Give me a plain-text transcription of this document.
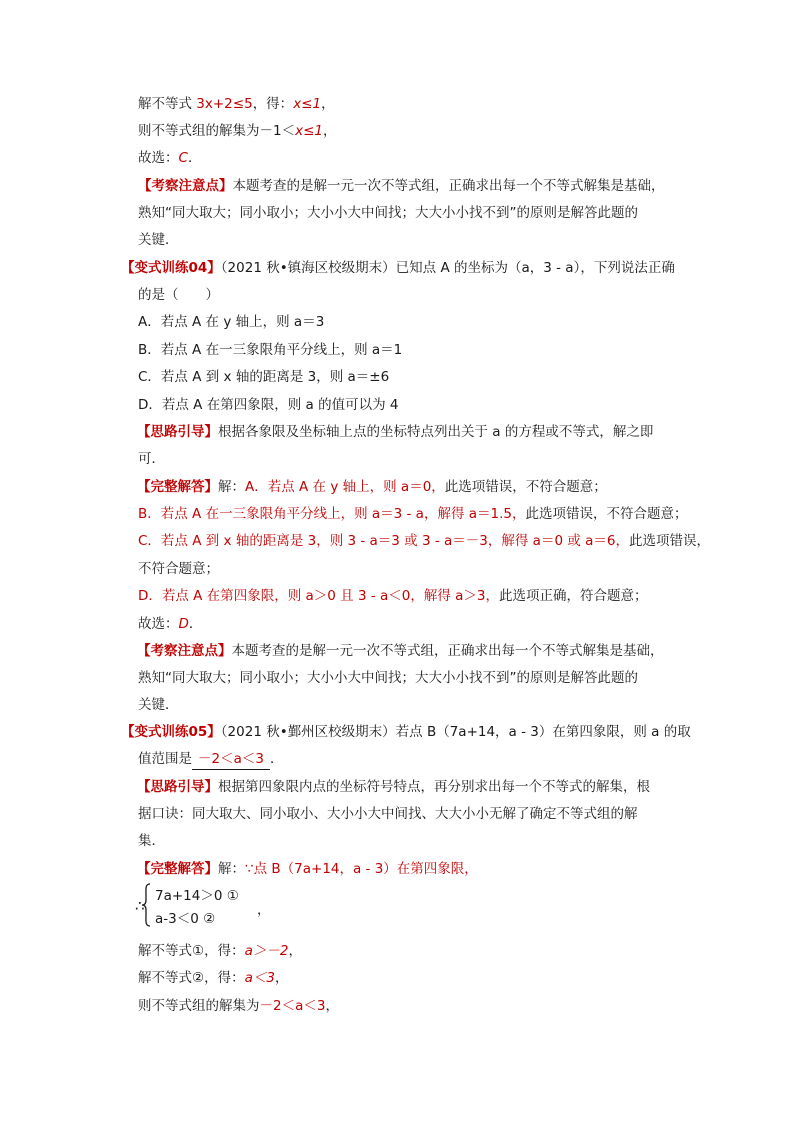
解不等式 3x+2≤5，得：x≤1，
则不等式组的解集为－1＜x≤1，
故选：C．
【考察注意点】本题考查的是解一元一次不等式组，正确求出每一个不等式解集是基础，
熟知“同大取大；同小取小；大小小大中间找；大大小小找不到”的原则是解答此题的
关键．
【变式训练04】（2021 秋•镇海区校级期末）已知点 A 的坐标为（a，3 - a），下列说法正确
的是（　　）
A．若点 A 在 y 轴上，则 a＝3
B．若点 A 在一三象限角平分线上，则 a＝1
C．若点 A 到 x 轴的距离是 3，则 a＝±6
D．若点 A 在第四象限，则 a 的值可以为 4
【思路引导】根据各象限及坐标轴上点的坐标特点列出关于 a 的方程或不等式，解之即
可．
【完整解答】解：A．若点 A 在 y 轴上，则 a＝0，此选项错误，不符合题意；
B．若点 A 在一三象限角平分线上，则 a＝3 - a，解得 a＝1.5，此选项错误，不符合题意；
C．若点 A 到 x 轴的距离是 3，则 3 - a＝3 或 3 - a＝－3，解得 a＝0 或 a＝6，此选项错误，
不符合题意；
D．若点 A 在第四象限，则 a＞0 且 3 - a＜0，解得 a＞3，此选项正确，符合题意；
故选：D．
【考察注意点】本题考查的是解一元一次不等式组，正确求出每一个不等式解集是基础，
熟知“同大取大；同小取小；大小小大中间找；大大小小找不到”的原则是解答此题的
关键．
【变式训练05】（2021 秋•鄞州区校级期末）若点 B（7a+14，a - 3）在第四象限，则 a 的取
值范围是 －2＜a＜3 ．
【思路引导】根据第四象限内点的坐标符号特点，再分别求出每一个不等式的解集，根
据口诀：同大取大、同小取小、大小小大中间找、大大小小无解了确定不等式组的解
集．
【完整解答】解：∵点 B（7a+14，a - 3）在第四象限，
∴
7a+14＞0 ①
a-3＜0 ②
，
解不等式①，得：a＞－2，
解不等式②，得：a＜3，
则不等式组的解集为－2＜a＜3，
